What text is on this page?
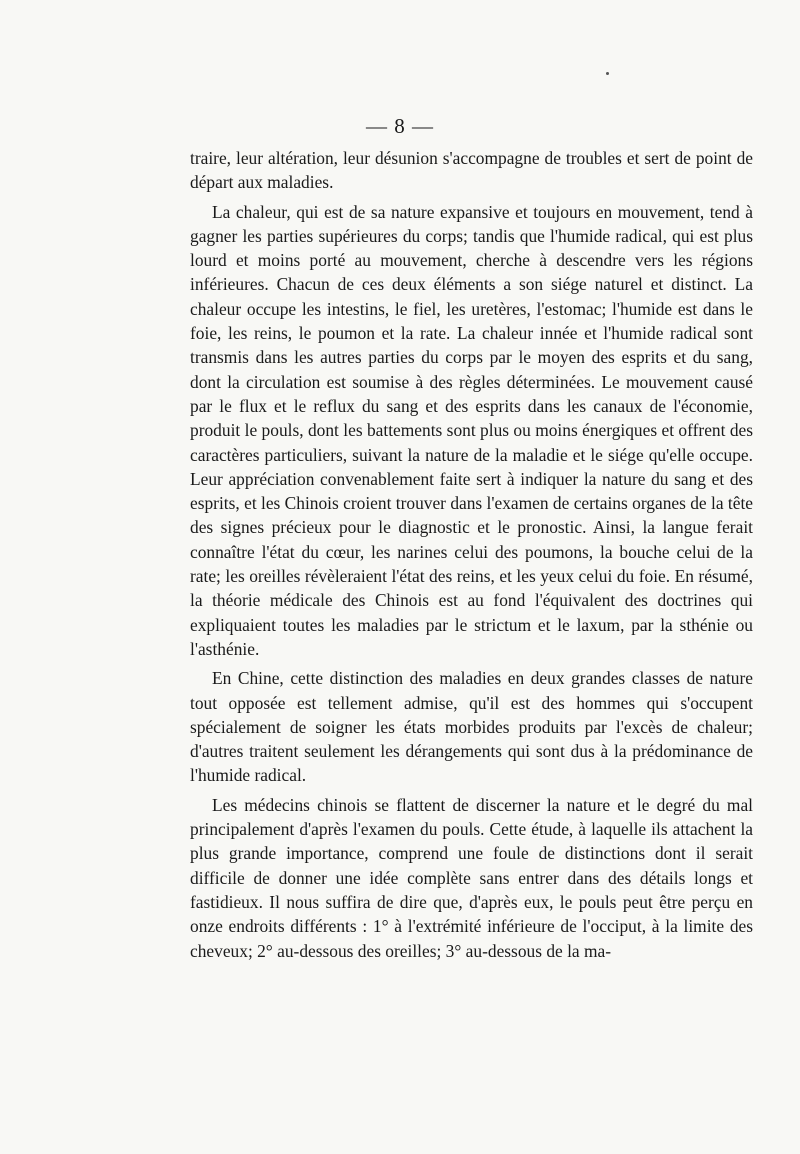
— 8 —

traire, leur altération, leur désunion s'accompagne de troubles et sert de point de départ aux maladies.

La chaleur, qui est de sa nature expansive et toujours en mouvement, tend à gagner les parties supérieures du corps; tandis que l'humide radical, qui est plus lourd et moins porté au mouvement, cherche à descendre vers les régions inférieures. Chacun de ces deux éléments a son siége naturel et distinct. La chaleur occupe les intestins, le fiel, les uretères, l'estomac; l'humide est dans le foie, les reins, le poumon et la rate. La chaleur innée et l'humide radical sont transmis dans les autres parties du corps par le moyen des esprits et du sang, dont la circulation est soumise à des règles déterminées. Le mouvement causé par le flux et le reflux du sang et des esprits dans les canaux de l'économie, produit le pouls, dont les battements sont plus ou moins énergiques et offrent des caractères particuliers, suivant la nature de la maladie et le siége qu'elle occupe. Leur appréciation convenablement faite sert à indiquer la nature du sang et des esprits, et les Chinois croient trouver dans l'examen de certains organes de la tête des signes précieux pour le diagnostic et le pronostic. Ainsi, la langue ferait connaître l'état du cœur, les narines celui des poumons, la bouche celui de la rate; les oreilles révèleraient l'état des reins, et les yeux celui du foie. En résumé, la théorie médicale des Chinois est au fond l'équivalent des doctrines qui expliquaient toutes les maladies par le strictum et le laxum, par la sthénie ou l'asthénie.

En Chine, cette distinction des maladies en deux grandes classes de nature tout opposée est tellement admise, qu'il est des hommes qui s'occupent spécialement de soigner les états morbides produits par l'excès de chaleur; d'autres traitent seulement les dérangements qui sont dus à la prédominance de l'humide radical.

Les médecins chinois se flattent de discerner la nature et le degré du mal principalement d'après l'examen du pouls. Cette étude, à laquelle ils attachent la plus grande importance, comprend une foule de distinctions dont il serait difficile de donner une idée complète sans entrer dans des détails longs et fastidieux. Il nous suffira de dire que, d'après eux, le pouls peut être perçu en onze endroits différents : 1° à l'extrémité inférieure de l'occiput, à la limite des cheveux; 2° au-dessous des oreilles; 3° au-dessous de la ma-
